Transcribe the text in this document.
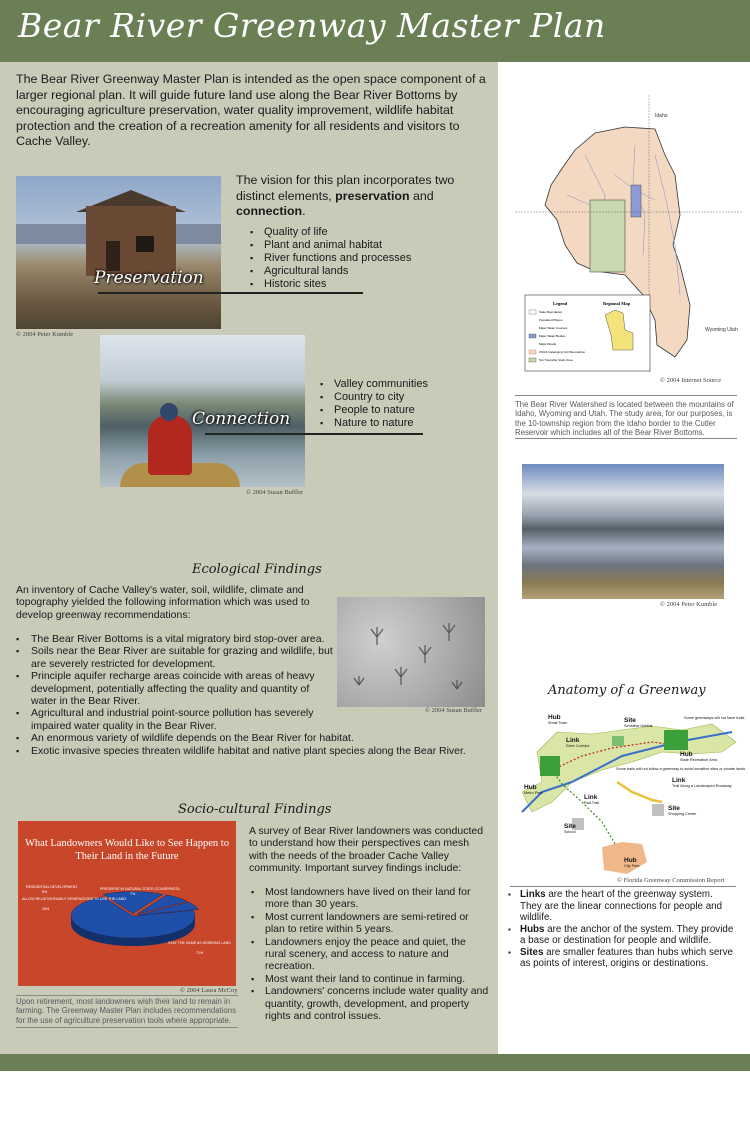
Bear River Greenway Master Plan

The Bear River Greenway Master Plan is intended as the open space component of a larger regional plan. It will guide future land use along the Bear River Bottoms by encouraging agriculture preservation, water quality improvement, wildlife habitat protection and the creation of a recreation amenity for all residents and visitors to Cache Valley.

Preservation
© 2004 Peter Kumble

The vision for this plan incorporates two distinct elements, preservation and connection.

▪ Quality of life
▪ Plant and animal habitat
▪ River functions and processes
▪ Agricultural lands
▪ Historic sites
Connection
© 2004 Susan Buffler
▪ Valley communities
▪ Country to city
▪ People to nature
▪ Nature to nature
Ecological Findings

An inventory of Cache Valley's water, soil, wildlife, climate and topography yielded the following information which was used to develop greenway recommendations:

© 2004 Susan Buffler
▪ The Bear River Bottoms is a vital migratory bird stop-over area.
▪ Soils near the Bear River are suitable for grazing and wildlife, but are severely restricted for development.
▪ Principle aquifer recharge areas coincide with areas of heavy development, potentially affecting the quality and quantity of water in the Bear River.
▪ Agricultural and industrial point-source pollution has severely impaired water quality in the Bear River.
▪ An enormous variety of wildlife depends on the Bear River for habitat.
▪ Exotic invasive species threaten wildlife habitat and native plant species along the Bear River.
Socio-cultural Findings
What Landowners Would Like to See Happen to Their Land in the Future
RESIDENTIAL DEVELOPMENT
6%
PRESERVE IN NATURAL STATE (CONSERVED)
7%
ALLOW RELATIVE/FAMILY GENERATIONS TO USE THE LAND
16%
STAY THE SAME AS WORKING LAND
71%
© 2004 Laura McCoy

Upon retirement, most landowners wish their land to remain in farming. The Greenway Master Plan includes recommendations for the use of agriculture preservation tools where appropriate.

A survey of Bear River landowners was conducted to understand how their perspectives can mesh with the needs of the broader Cache Valley community. Important survey findings include:

▪ Most landowners have lived on their land for more than 30 years.
▪ Most current landowners are semi-retired or plan to retire within 5 years.
▪ Landowners enjoy the peace and quiet, the rural scenery, and access to nature and recreation.
▪ Most want their land to continue in farming.
▪ Landowners' concerns include water quality and quantity, growth, development, and property rights and control issues.
Idaho
Wyoming Utah
Legend	Regional Map
State Boundaries
Populated Places
Major Water Courses
Major Water Bodies
Major Roads
USGS Cataloging Unit Boundaries
Ten Township Study Area
© 2004 Internet Source

The Bear River Watershed is located between the mountains of Idaho, Wyoming and Utah. The study area, for our purposes, is the 10-township region from the Idaho border to the Cutler Reservoir which includes all of the Bear River Bottoms.

© 2004 Peter Kumble
Anatomy of a Greenway
Hub
Small Town	Site
Sensitive Habitat
Some greenways will not have trails
Link
River Corridor
Hub
State Recreation Area
Some trails will not follow a greenway to avoid sensitive sites or private lands
Hub
Metro Park
Link
Rail-Trail
Link
Trail Along a Landscaped Roadway
Site
Shopping Center
Site
School
Hub
City Park
© Florida Greenway Commission Report
▪ Links are the heart of the greenway system. They are the linear connections for people and wildlife.
▪ Hubs are the anchor of the system. They provide a base or destination for people and wildlife.
▪ Sites are smaller features than hubs which serve as points of interest, origins or destinations.
